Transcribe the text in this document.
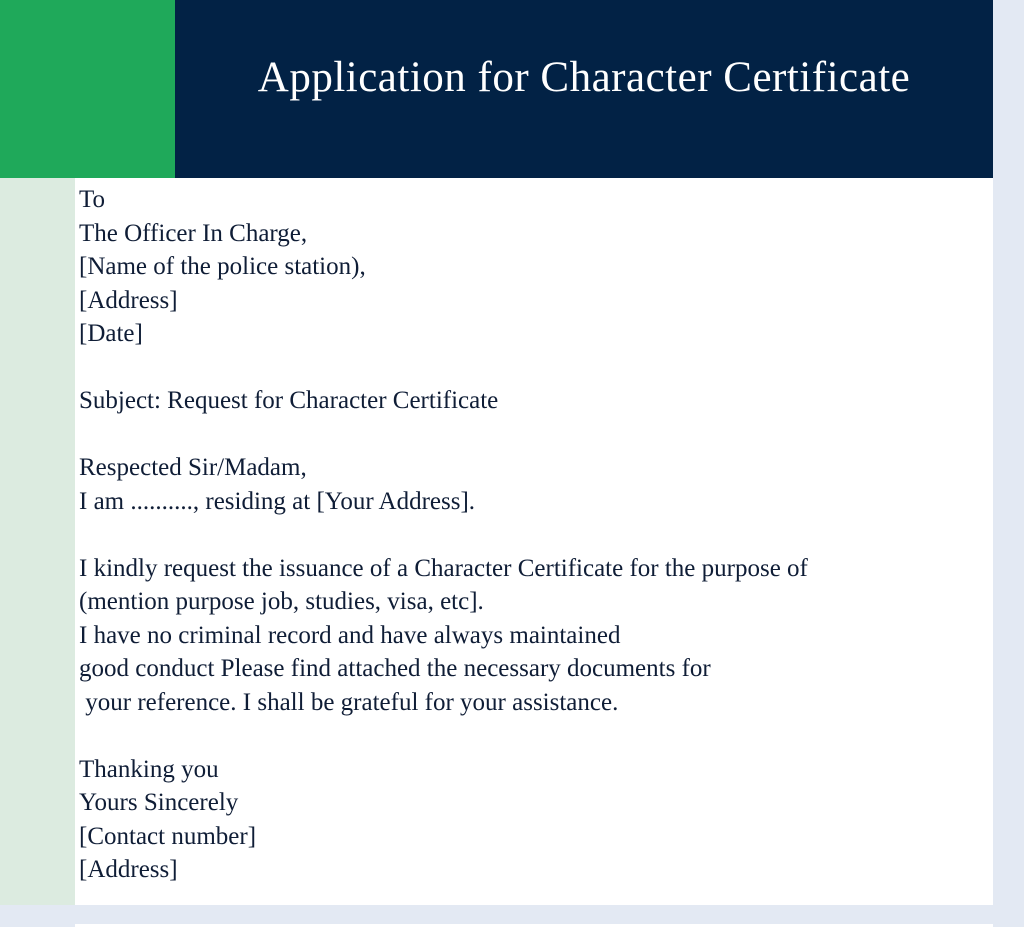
Application for Character Certificate
To
The Officer In Charge,
[Name of the police station),
[Address]
[Date]
Subject: Request for Character Certificate
Respected Sir/Madam,
I am .........., residing at [Your Address].
I kindly request the issuance of a Character Certificate for the purpose of
(mention purpose job, studies, visa, etc].
I have no criminal record and have always maintained
good conduct Please find attached the necessary documents for
your reference. I shall be grateful for your assistance.
Thanking you
Yours Sincerely
[Contact number]
[Address]
